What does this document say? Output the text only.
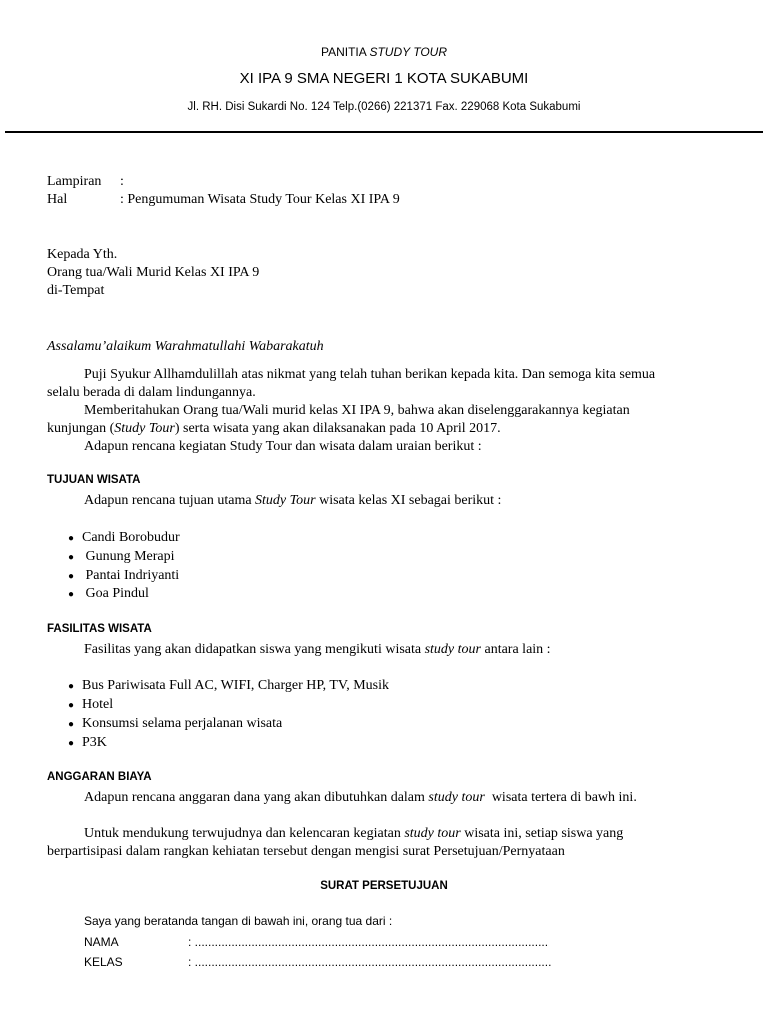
PANITIA STUDY TOUR
XI IPA 9 SMA NEGERI 1 KOTA SUKABUMI
Jl. RH. Disi Sukardi No. 124 Telp.(0266) 221371 Fax. 229068 Kota Sukabumi
Lampiran :
Hal	: Pengumuman Wisata Study Tour Kelas XI IPA 9
Kepada Yth.
Orang tua/Wali Murid Kelas XI IPA 9
di-Tempat
Assalamu’alaikum Warahmatullahi Wabarakatuh
Puji Syukur Allhamdulillah atas nikmat yang telah tuhan berikan kepada kita. Dan semoga kita semua
selalu berada di dalam lindungannya.
Memberitahukan Orang tua/Wali murid kelas XI IPA 9, bahwa akan diselenggarakannya kegiatan
kunjungan (Study Tour) serta wisata yang akan dilaksanakan pada 10 April 2017.
Adapun rencana kegiatan Study Tour dan wisata dalam uraian berikut :
TUJUAN WISATA
Adapun rencana tujuan utama Study Tour wisata kelas XI sebagai berikut :
● Candi Borobudur
● Gunung Merapi
● Pantai Indriyanti
● Goa Pindul
FASILITAS WISATA
Fasilitas yang akan didapatkan siswa yang mengikuti wisata study tour antara lain :
● Bus Pariwisata Full AC, WIFI, Charger HP, TV, Musik
● Hotel
● Konsumsi selama perjalanan wisata
● P3K
ANGGARAN BIAYA
Adapun rencana anggaran dana yang akan dibutuhkan dalam study tour  wisata tertera di bawh ini.
Untuk mendukung terwujudnya dan kelencaran kegiatan study tour wisata ini, setiap siswa yang
berpartisipasi dalam rangkan kehiatan tersebut dengan mengisi surat Persetujuan/Pernyataan
SURAT PERSETUJUAN
Saya yang beratanda tangan di bawah ini, orang tua dari :
NAMA	: ..........................................................................................................
KELAS	: ...........................................................................................................
